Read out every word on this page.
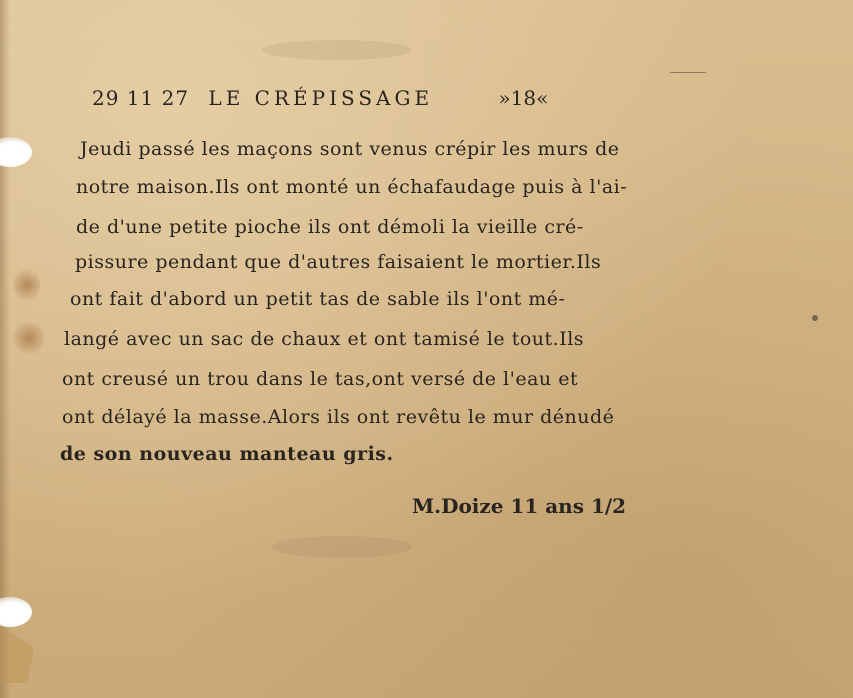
29 11 27 LE CRÉPISSAGE	»18«
Jeudi passé les maçons sont venus crépir les murs de
notre maison.Ils ont monté un échafaudage puis à l'ai-
de d'une petite pioche ils ont démoli la vieille cré-
pissure pendant que d'autres faisaient le mortier.Ils
ont fait d'abord un petit tas de sable ils l'ont mé-
langé avec un sac de chaux et ont tamisé le tout.Ils
ont creusé un trou dans le tas,ont versé de l'eau et
ont délayé la masse.Alors ils ont revêtu le mur dénudé
de son nouveau manteau gris.
M.Doize 11 ans 1/2
